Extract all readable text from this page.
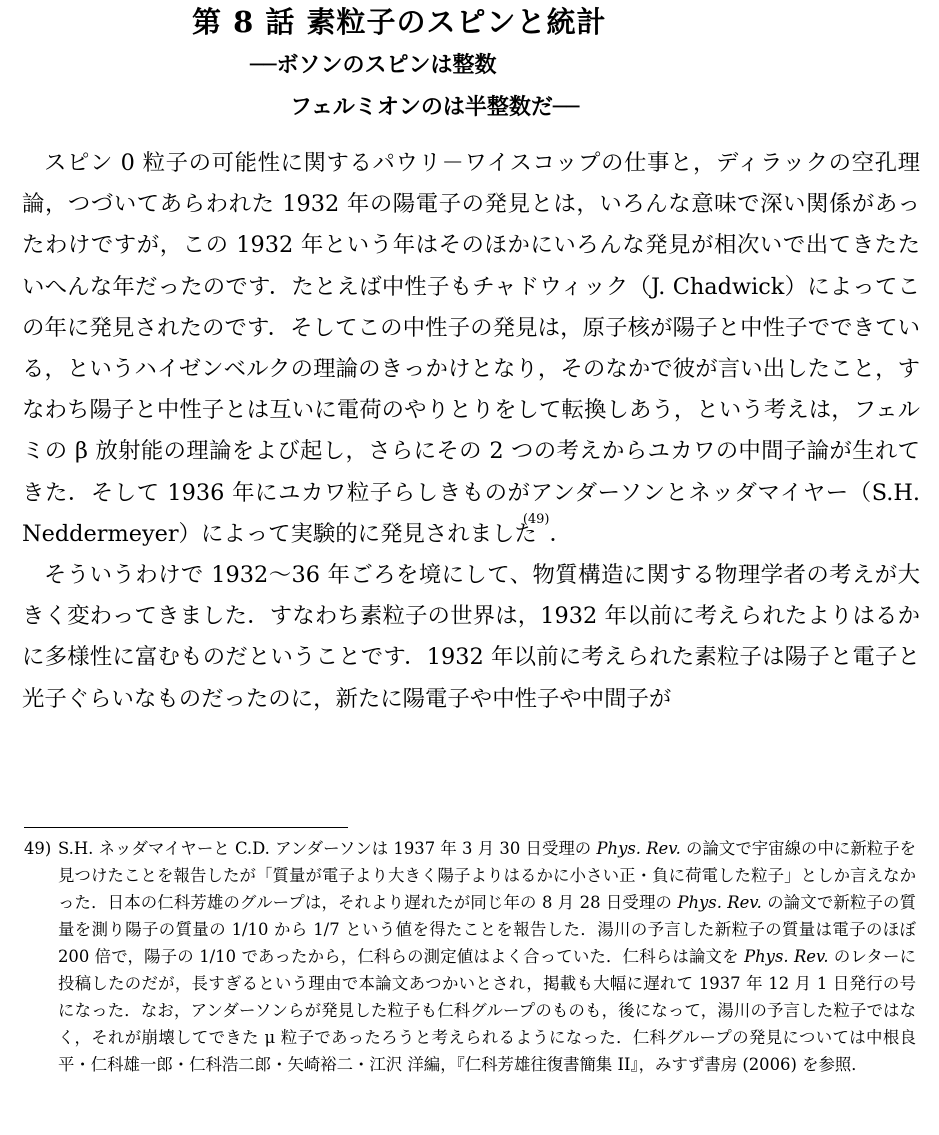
第 8 話 素粒子のスピンと統計
──ボソンのスピンは整数
フェルミオンのは半整数だ──

スピン 0 粒子の可能性に関するパウリ－ワイスコップの仕事と，ディラックの空孔理論，つづいてあらわれた 1932 年の陽電子の発見とは，いろんな意味で深い関係があったわけですが，この 1932 年という年はそのほかにいろんな発見が相次いで出てきたたいへんな年だったのです．たとえば中性子もチャドウィック（J. Chadwick）によってこの年に発見されたのです．そしてこの中性子の発見は，原子核が陽子と中性子でできている，というハイゼンベルクの理論のきっかけとなり，そのなかで彼が言い出したこと，すなわち陽子と中性子とは互いに電荷のやりとりをして転換しあう，という考えは，フェルミの β 放射能の理論をよび起し，さらにその 2 つの考えからユカワの中間子論が生れてきた．そして 1936 年にユカワ粒子らしきものがアンダーソンとネッダマイヤー（S.H. Neddermeyer）によって実験的に発見されました$^{(49)}$．

そういうわけで 1932～36 年ごろを境にして、物質構造に関する物理学者の考えが大きく変わってきました．すなわち素粒子の世界は，1932 年以前に考えられたよりはるかに多様性に富むものだということです．1932 年以前に考えられた素粒子は陽子と電子と光子ぐらいなものだったのに，新たに陽電子や中性子や中間子が

49) S.H. ネッダマイヤーと C.D. アンダーソンは 1937 年 3 月 30 日受理の Phys. Rev. の論文で宇宙線の中に新粒子を見つけたことを報告したが「質量が電子より大きく陽子よりはるかに小さい正・負に荷電した粒子」としか言えなかった．日本の仁科芳雄のグループは，それより遅れたが同じ年の 8 月 28 日受理の Phys. Rev. の論文で新粒子の質量を測り陽子の質量の 1/10 から 1/7 という値を得たことを報告した．湯川の予言した新粒子の質量は電子のほぼ 200 倍で，陽子の 1/10 であったから，仁科らの測定値はよく合っていた．仁科らは論文を Phys. Rev. のレターに投稿したのだが，長すぎるという理由で本論文あつかいとされ，掲載も大幅に遅れて 1937 年 12 月 1 日発行の号になった．なお，アンダーソンらが発見した粒子も仁科グループのものも，後になって，湯川の予言した粒子ではなく，それが崩壊してできた μ 粒子であったろうと考えられるようになった．仁科グループの発見については中根良平・仁科雄一郎・仁科浩二郎・矢崎裕二・江沢 洋編，『仁科芳雄往復書簡集 II』，みすず書房 (2006) を参照．
